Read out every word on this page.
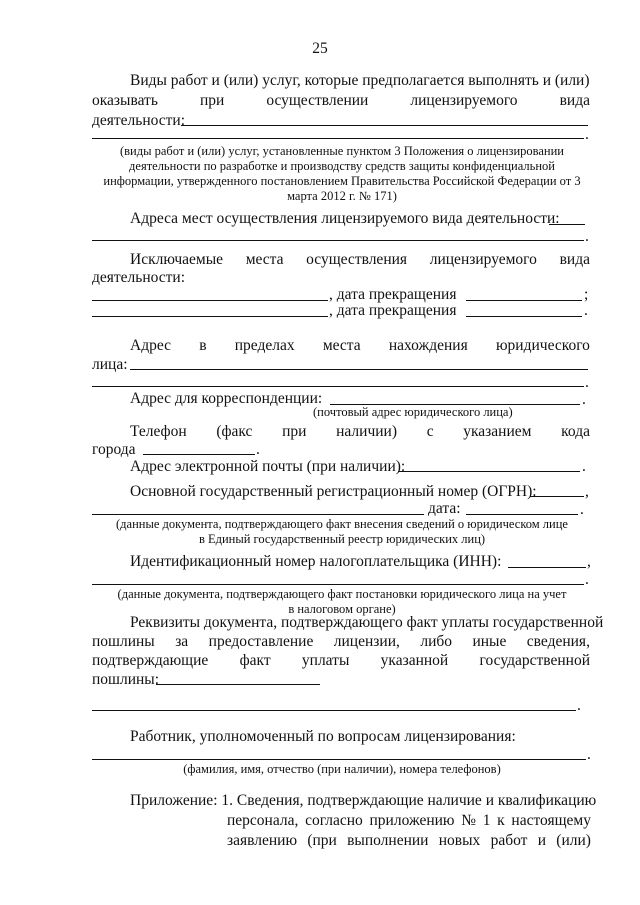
25
Виды работ и (или) услуг, которые предполагается выполнять и (или)
оказывать	при	осуществлении	лицензируемого	вида
деятельности:
.
(виды работ и (или) услуг, установленные пунктом 3 Положения о лицензировании
деятельности по разработке и производству средств защиты конфиденциальной
информации, утвержденного постановлением Правительства Российской Федерации от 3
марта 2012 г. № 171)
Адреса мест осуществления лицензируемого вида деятельности:
.
Исключаемые места осуществления лицензируемого вида
деятельности:
, дата прекращения	;
, дата прекращения	.
Адрес в пределах места нахождения юридического
лица:
.
Адрес для корреспонденции:	.
(почтовый адрес юридического лица)
Телефон (факс при наличии) с указанием кода
города	.
Адрес электронной почты (при наличии):	.
Основной государственный регистрационный номер (ОГРН):	,
дата:	.
(данные документа, подтверждающего факт внесения сведений о юридическом лице
в Единый государственный реестр юридических лиц)
Идентификационный номер налогоплательщика (ИНН):	,
.
(данные документа, подтверждающего факт постановки юридического лица на учет
в налоговом органе)
Реквизиты документа, подтверждающего факт уплаты государственной
пошлины за предоставление лицензии, либо иные сведения,
подтверждающие факт уплаты указанной государственной
пошлины:
.
Работник, уполномоченный по вопросам лицензирования:
.
(фамилия, имя, отчество (при наличии), номера телефонов)
Приложение: 1. Сведения, подтверждающие наличие и квалификацию
персонала, согласно приложению № 1 к настоящему
заявлению (при выполнении новых работ и (или)
